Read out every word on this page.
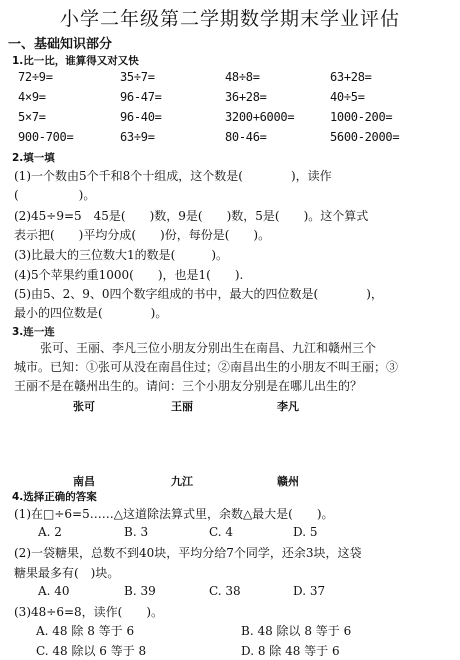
小学二年级第二学期数学期末学业评估
一、基础知识部分
1.比一比，谁算得又对又快
72÷9=	35÷7=	48÷8=	63+28=
4×9=	96-47=	36+28=	40÷5=
5×7=	96-40=	3200+6000=	1000-200=
900-700=	63÷9=	80-46=	5600-2000=
2.填一填
(1)一个数由5个千和8个十组成，这个数是(　　　　)，读作
(　　　　　)。
(2)45÷9=5　45是(　　)数，9是(　　)数，5是(　　)。这个算式
表示把(　　)平均分成(　　)份，每份是(　　)。
(3)比最大的三位数大1的数是(　　　)。
(4)5个苹果约重1000(　　)，也是1(　　).
(5)由5、2、9、0四个数字组成的书中，最大的四位数是(　　　　)，
最小的四位数是(　　　　)。
3.连一连
张可、王丽、李凡三位小朋友分别出生在南昌、九江和赣州三个
城市。已知：①张可从没在南昌住过；②南昌出生的小朋友不叫王丽；③
王丽不是在赣州出生的。请问：三个小朋友分别是在哪儿出生的？
张可	王丽	李凡
南昌	九江	赣州
4.选择正确的答案
(1)在□÷6=5……△这道除法算式里，余数△最大是(　　)。
A. 2	B. 3	C. 4	D. 5
(2)一袋糖果，总数不到40块，平均分给7个同学，还余3块，这袋
糖果最多有(　)块。
A. 40	B. 39	C. 38	D. 37
(3)48÷6=8，读作(　　)。
A. 48 除 8 等于 6	B. 48 除以 8 等于 6
C. 48 除以 6 等于 8	D. 8 除 48 等于 6
